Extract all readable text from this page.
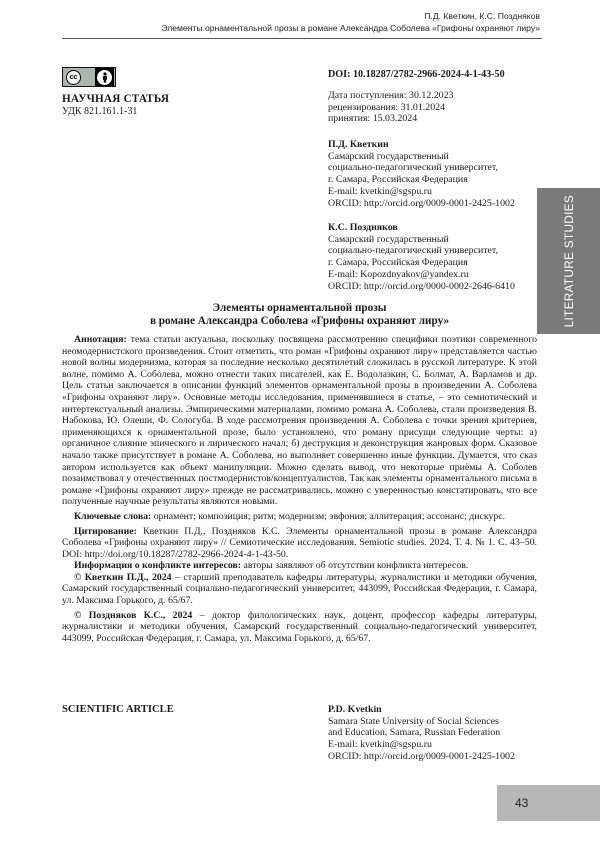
П.Д. Кветкин, К.С. Поздняков
Элементы орнаментальной прозы в романе Александра Соболева «Грифоны охраняют лиру»
cc
НАУЧНАЯ СТАТЬЯ
УДК 821.161.1-31
DOI: 10.18287/2782-2966-2024-4-1-43-50
Дата поступления: 30.12.2023
рецензирования: 31.01.2024
принятия: 15.03.2024
П.Д. Кветкин
Самарский государственный
социально-педагогический университет,
г. Самара, Российская Федерация
E-mail: kvetkin@sgspu.ru
ORCID: http://orcid.org/0009-0001-2425-1002
К.С. Поздняков
Самарский государственный
социально-педагогический университет,
г. Самара, Российская Федерация
E-mail: Kopozdnyakov@yandex.ru
ORCID: http://orcid.org/0000-0002-2646-6410	LITERATURE STUDIES
Элементы орнаментальной прозы
в романе Александра Соболева «Грифоны охраняют лиру»

Аннотация: тема статьи актуальна, поскольку посвящена рассмотрению специфики поэтики современного неомодернистского произведения. Стоит отметить, что роман «Грифоны охраняют лиру» представляется частью новой волны модернизма, которая за последние несколько десятилетий сложилась в русской литературе. К этой волне, помимо А. Соболева, можно отнести таких писателей, как Е. Водолазкин, С. Болмат, А. Варламов и др. Цель статьи заключается в описании функций элементов орнаментальной прозы в произведении А. Соболева «Грифоны охраняют лиру». Основные методы исследования, применявшиеся в статье, – это семиотический и интертекстуальный анализы. Эмпирическими материалами, помимо романа А. Соболева, стали произведения В. Набокова, Ю. Олеши, Ф. Сологуба. В ходе рассмотрения произведения А. Соболева с точки зрения критериев, применяющихся к орнаментальной прозе, было установлено, что роману присущи следующие черты: а) органичное слияние эпического и лирического начал; б) деструкция и деконструкция жанровых форм. Сказовое начало также присутствует в романе А. Соболева, но выполняет совершенно иные функции. Думается, что сказ автором используется как объект манипуляции. Можно сделать вывод, что некоторые приёмы А. Соболев позаимствовал у отечественных постмодернистов/концептуалистов. Так как элементы орнаментального письма в романе «Грифоны охраняют лиру» прежде не рассматривались, можно с уверенностью констатировать, что все полученные научные результаты являются новыми.

Ключевые слова: орнамент; композиция; ритм; модернизм; эвфония; аллитерация; ассонанс; дискурс.

Цитирование: Кветкин П.Д., Поздняков К.С. Элементы орнаментальной прозы в романе Александра Соболева «Грифоны охраняют лиру» // Семиотические исследования. Semiotic studies. 2024. Т. 4. № 1. С. 43–50. DOI: http://doi.org/10.18287/2782-2966-2024-4-1-43-50.

Информация о конфликте интересов: авторы заявляют об отсутствии конфликта интересов.

© Кветкин П.Д., 2024 – старший преподаватель кафедры литературы, журналистики и методики обучения, Самарский государственный социально-педагогический университет, 443099, Российская Федерация, г. Самара, ул. Максима Горького, д. 65/67.

© Поздняков К.С., 2024 – доктор филологических наук, доцент, профессор кафедры литературы, журналистики и методики обучения, Самарский государственный социально-педагогический университет, 443099, Российская Федерация, г. Самара, ул. Максима Горького, д. 65/67.

SCIENTIFIC ARTICLE	P.D. Kvetkin
Samara State University of Social Sciences
and Education, Samara, Russian Federation
E-mail: kvetkin@sgspu.ru
ORCID: http://orcid.org/0009-0001-2425-1002
43
